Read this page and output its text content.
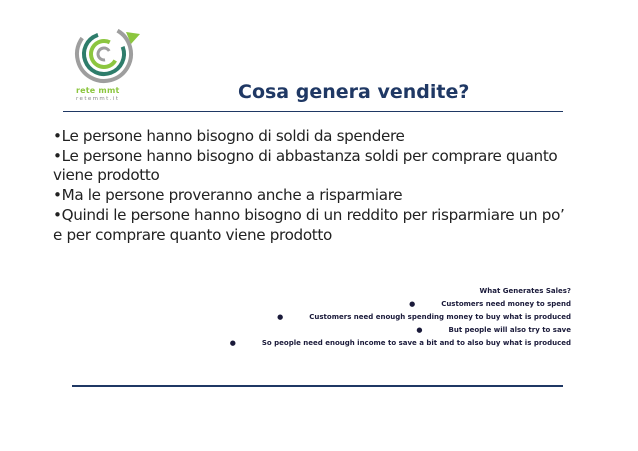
rete mmt
retemmt.it	Cosa genera vendite?

•Le persone hanno bisogno di soldi da spendere

•Le persone hanno bisogno di abbastanza soldi per comprare quanto viene prodotto

•Ma le persone proveranno anche a risparmiare

•Quindi le persone hanno bisogno di un reddito per risparmiare un po’ e per comprare quanto viene prodotto

What Generates Sales?
●	Customers need money to spend
●	Customers need enough spending money to buy what is produced
●	But people will also try to save
●	So people need enough income to save a bit and to also buy what is produced
